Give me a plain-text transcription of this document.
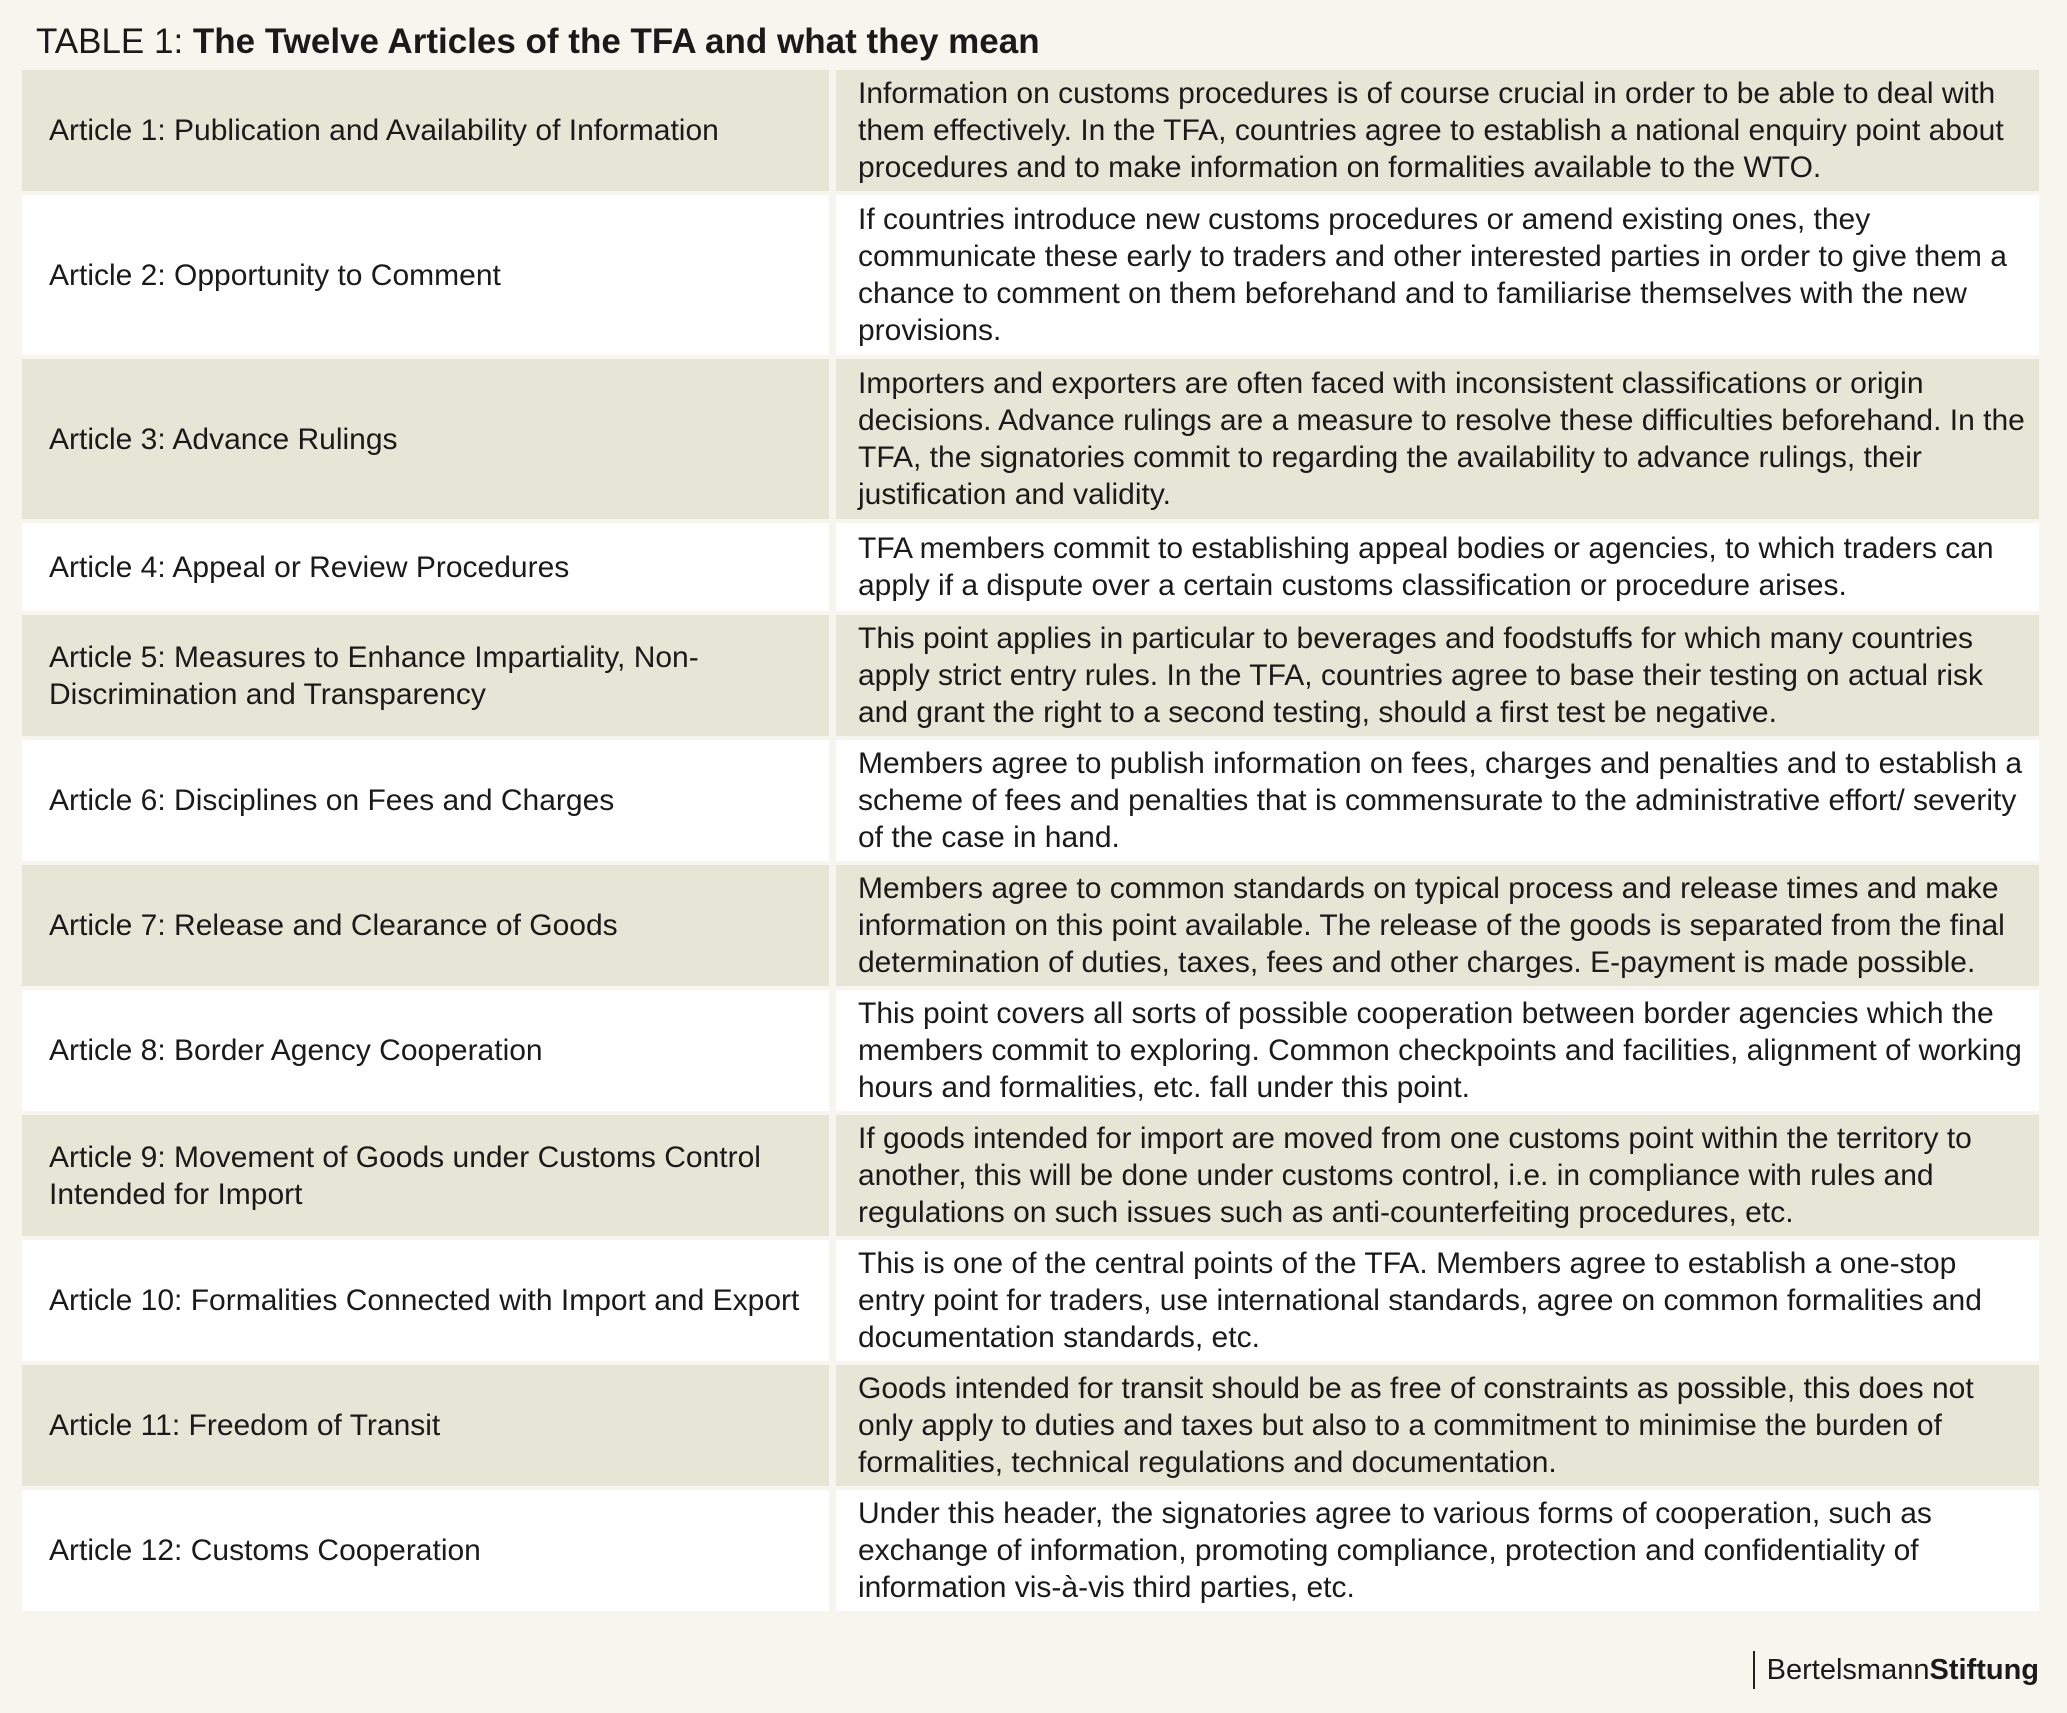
TABLE 1: The Twelve Articles of the TFA and what they mean
Article 1: Publication and Availability of Information
Information on customs procedures is of course crucial in order to be able to deal with them effectively. In the TFA, countries agree to establish a national enquiry point about procedures and to make information on formalities available to the WTO.
Article 2: Opportunity to Comment
If countries introduce new customs procedures or amend existing ones, they communicate these early to traders and other interested parties in order to give them a chance to comment on them beforehand and to familiarise themselves with the new provisions.
Article 3: Advance Rulings
Importers and exporters are often faced with inconsistent classifications or origin decisions. Advance rulings are a measure to resolve these difficulties beforehand. In the TFA, the signatories commit to regarding the availability to advance rulings, their justification and validity.
Article 4: Appeal or Review Procedures
TFA members commit to establishing appeal bodies or agencies, to which traders can apply if a dispute over a certain customs classification or procedure arises.
Article 5: Measures to Enhance Impartiality, Non-Discrimination and Transparency
This point applies in particular to beverages and foodstuffs for which many countries apply strict entry rules. In the TFA, countries agree to base their testing on actual risk and grant the right to a second testing, should a first test be negative.
Article 6: Disciplines on Fees and Charges
Members agree to publish information on fees, charges and penalties and to establish a scheme of fees and penalties that is commensurate to the administrative effort/ severity of the case in hand.
Article 7: Release and Clearance of Goods
Members agree to common standards on typical process and release times and make information on this point available. The release of the goods is separated from the final determination of duties, taxes, fees and other charges. E-payment is made possible.
Article 8: Border Agency Cooperation
This point covers all sorts of possible cooperation between border agencies which the members commit to exploring. Common checkpoints and facilities, alignment of working hours and formalities, etc. fall under this point.
Article 9: Movement of Goods under Customs Control Intended for Import
If goods intended for import are moved from one customs point within the territory to another, this will be done under customs control, i.e. in compliance with rules and regulations on such issues such as anti-counterfeiting procedures, etc.
Article 10: Formalities Connected with Import and Export
This is one of the central points of the TFA. Members agree to establish a one-stop entry point for traders, use international standards, agree on common formalities and documentation standards, etc.
Article 11: Freedom of Transit
Goods intended for transit should be as free of constraints as possible, this does not only apply to duties and taxes but also to a commitment to minimise the burden of formalities, technical regulations and documentation.
Article 12: Customs Cooperation
Under this header, the signatories agree to various forms of cooperation, such as exchange of information, promoting compliance, protection and confidentiality of information vis-à-vis third parties, etc.
Bertelsmann Stiftung
